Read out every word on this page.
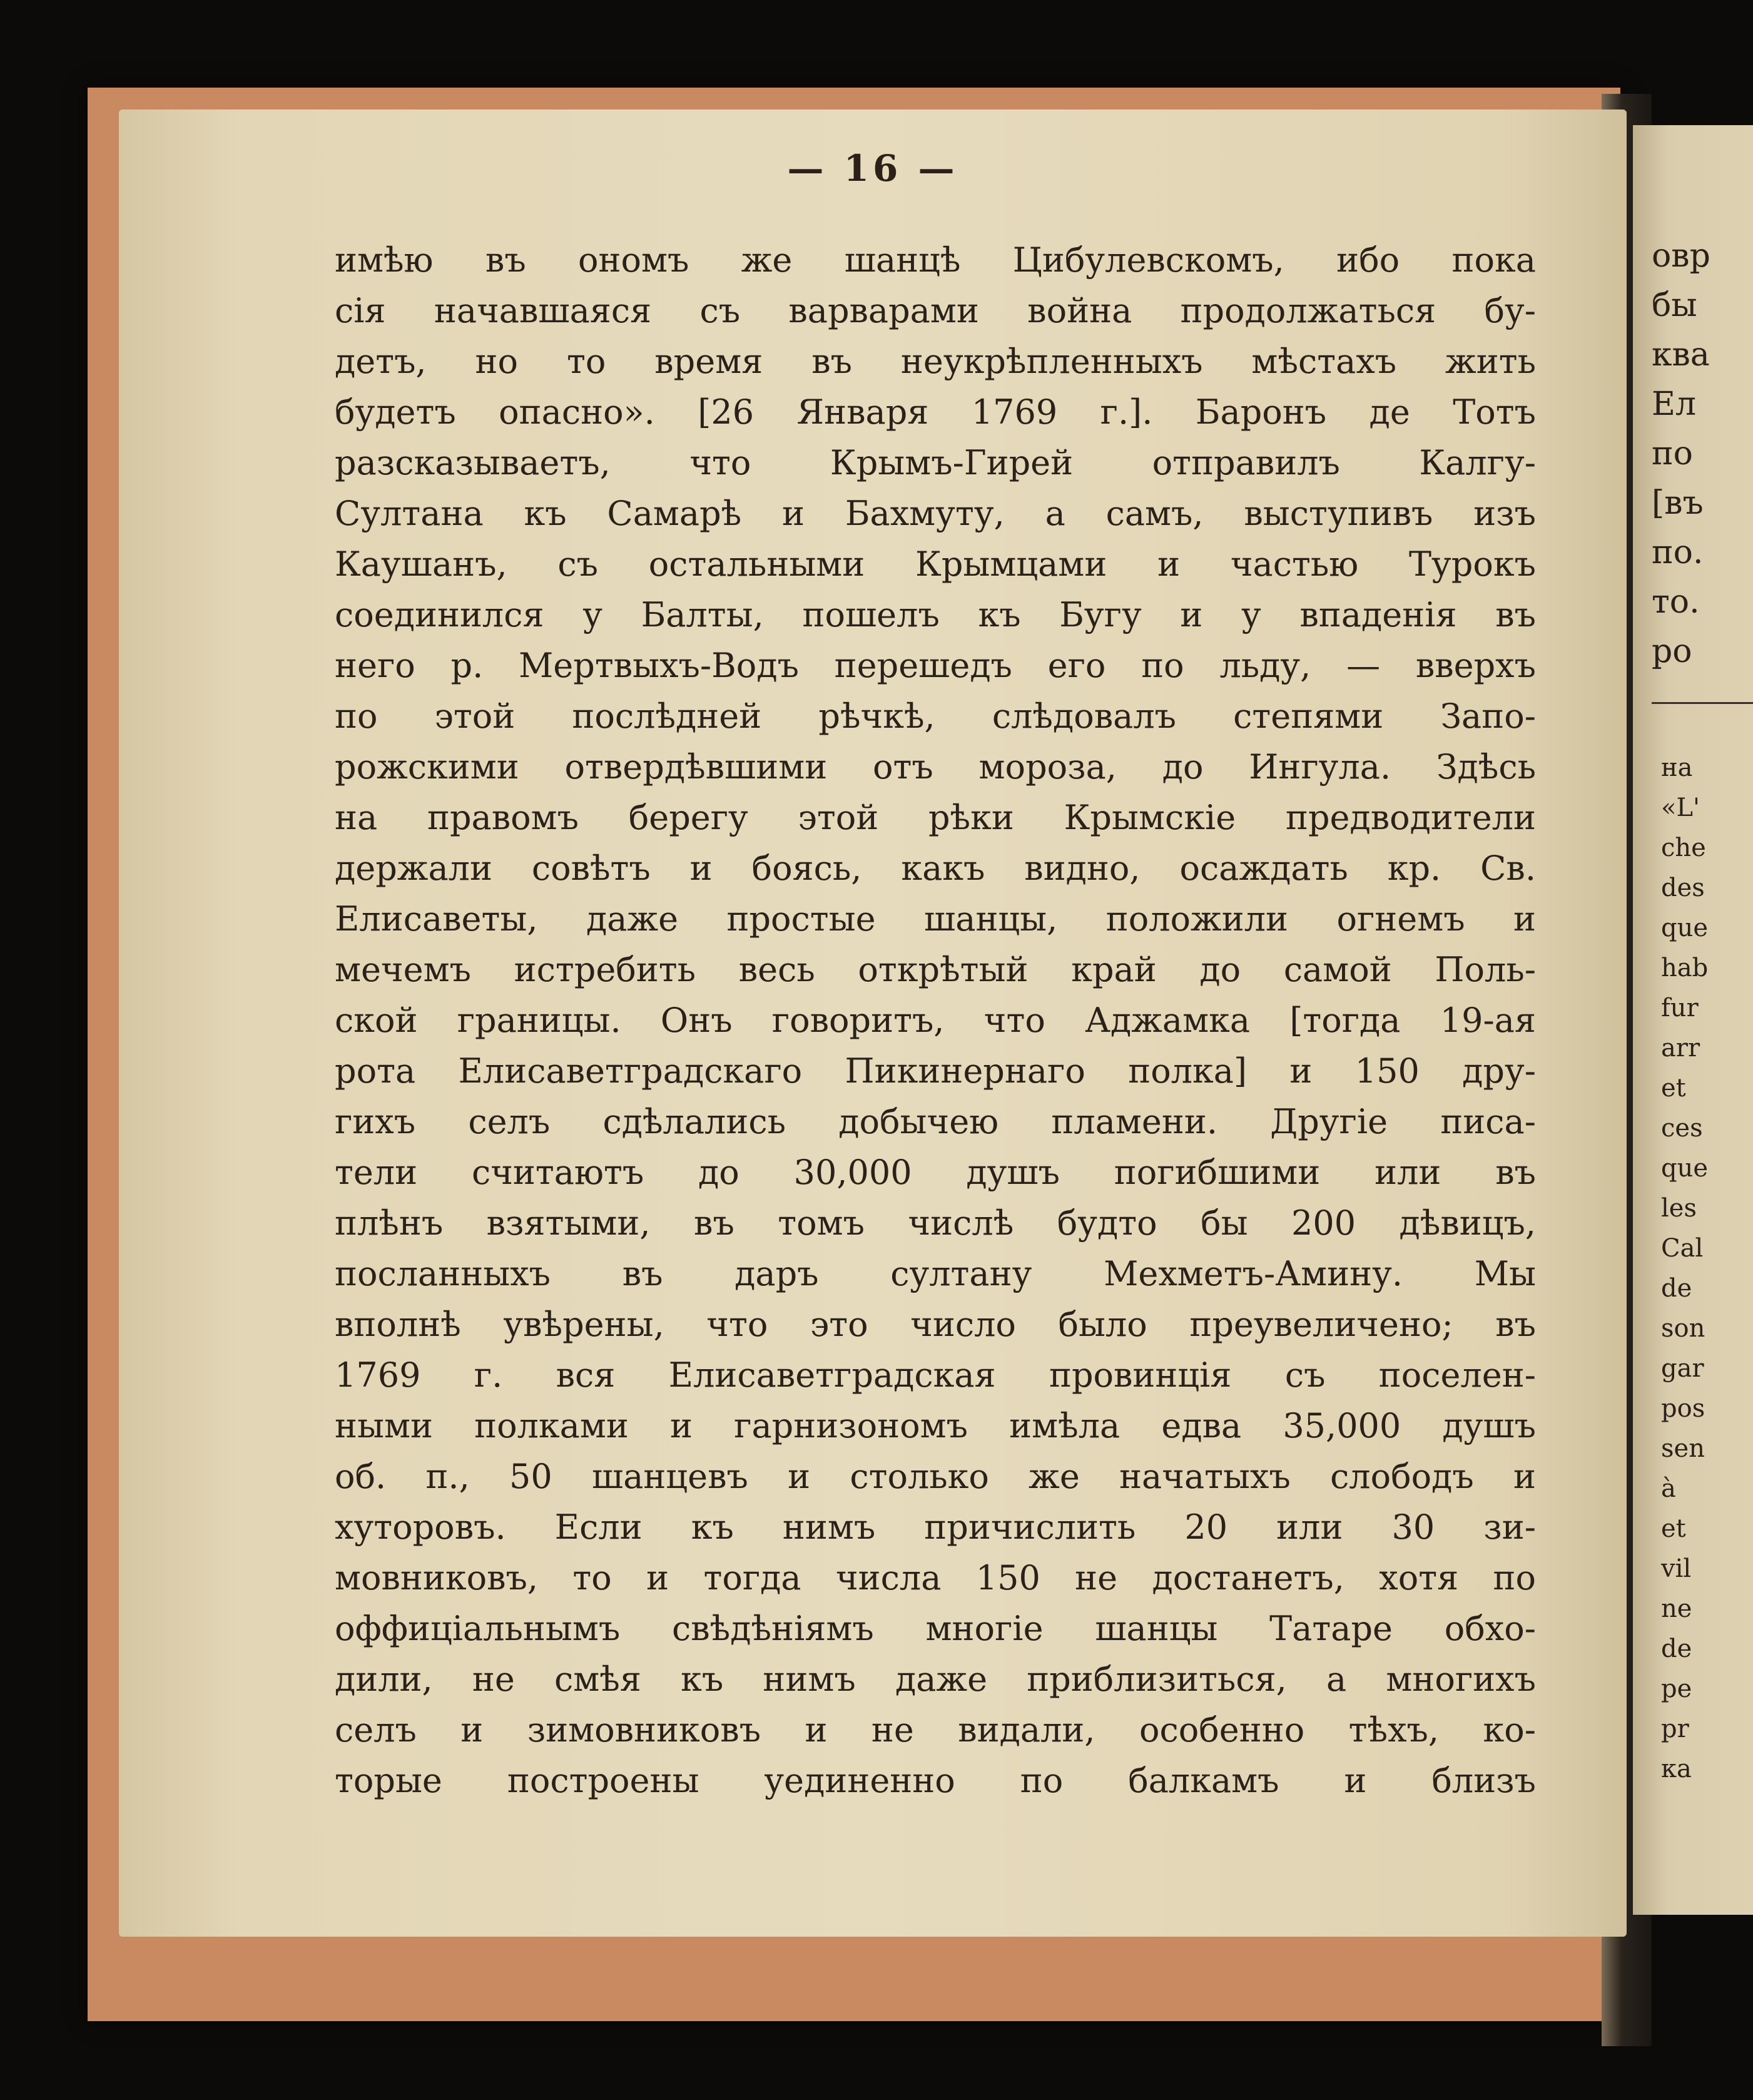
— 16 —
имѣю въ ономъ же шанцѣ Цибулевскомъ, ибо пока
сія начавшаяся съ варварами война продолжаться бу-
детъ, но то время въ неукрѣпленныхъ мѣстахъ жить
будетъ опасно». [26 Января 1769 г.]. Баронъ де Тотъ
разсказываетъ, что Крымъ-Гирей отправилъ Калгу-
Султана къ Самарѣ и Бахмуту, а самъ, выступивъ изъ
Каушанъ, съ остальными Крымцами и частью Турокъ
соединился у Балты, пошелъ къ Бугу и у впаденія въ
него р. Мертвыхъ-Водъ перешедъ его по льду, — вверхъ
по этой послѣдней рѣчкѣ, слѣдовалъ степями Запо-
рожскими отвердѣвшими отъ мороза, до Ингула. Здѣсь
на правомъ берегу этой рѣки Крымскіе предводители
держали совѣтъ и боясь, какъ видно, осаждать кр. Св.
Елисаветы, даже простые шанцы, положили огнемъ и
мечемъ истребить весь открѣтый край до самой Поль-
ской границы. Онъ говоритъ, что Аджамка [тогда 19-ая
рота Елисаветградскаго Пикинернаго полка] и 150 дру-
гихъ селъ сдѣлались добычею пламени. Другіе писа-
тели считаютъ до 30,000 душъ погибшими или въ
плѣнъ взятыми, въ томъ числѣ будто бы 200 дѣвицъ,
посланныхъ въ даръ султану Мехметъ-Амину. Мы
вполнѣ увѣрены, что это число было преувеличено; въ
1769 г. вся Елисаветградская провинція съ поселен-
ными полками и гарнизономъ имѣла едва 35,000 душъ
об. п., 50 шанцевъ и столько же начатыхъ слободъ и
хуторовъ. Если къ нимъ причислить 20 или 30 зи-
мовниковъ, то и тогда числа 150 не достанетъ, хотя по
оффиціальнымъ свѣдѣніямъ многіе шанцы Татаре обхо-
дили, не смѣя къ нимъ даже приблизиться, а многихъ
селъ и зимовниковъ и не видали, особенно тѣхъ, ко-
торые построены уединенно по балкамъ и близъ
овр
бы
ква
Ел
по
[въ
по.
то.
ро
на
«L'
che
des
que
hab
fur
arr
et
ces
que
les
Cal
de
son
gar
pos
sen
à
et
vil
ne
de
pe
pr
ка
